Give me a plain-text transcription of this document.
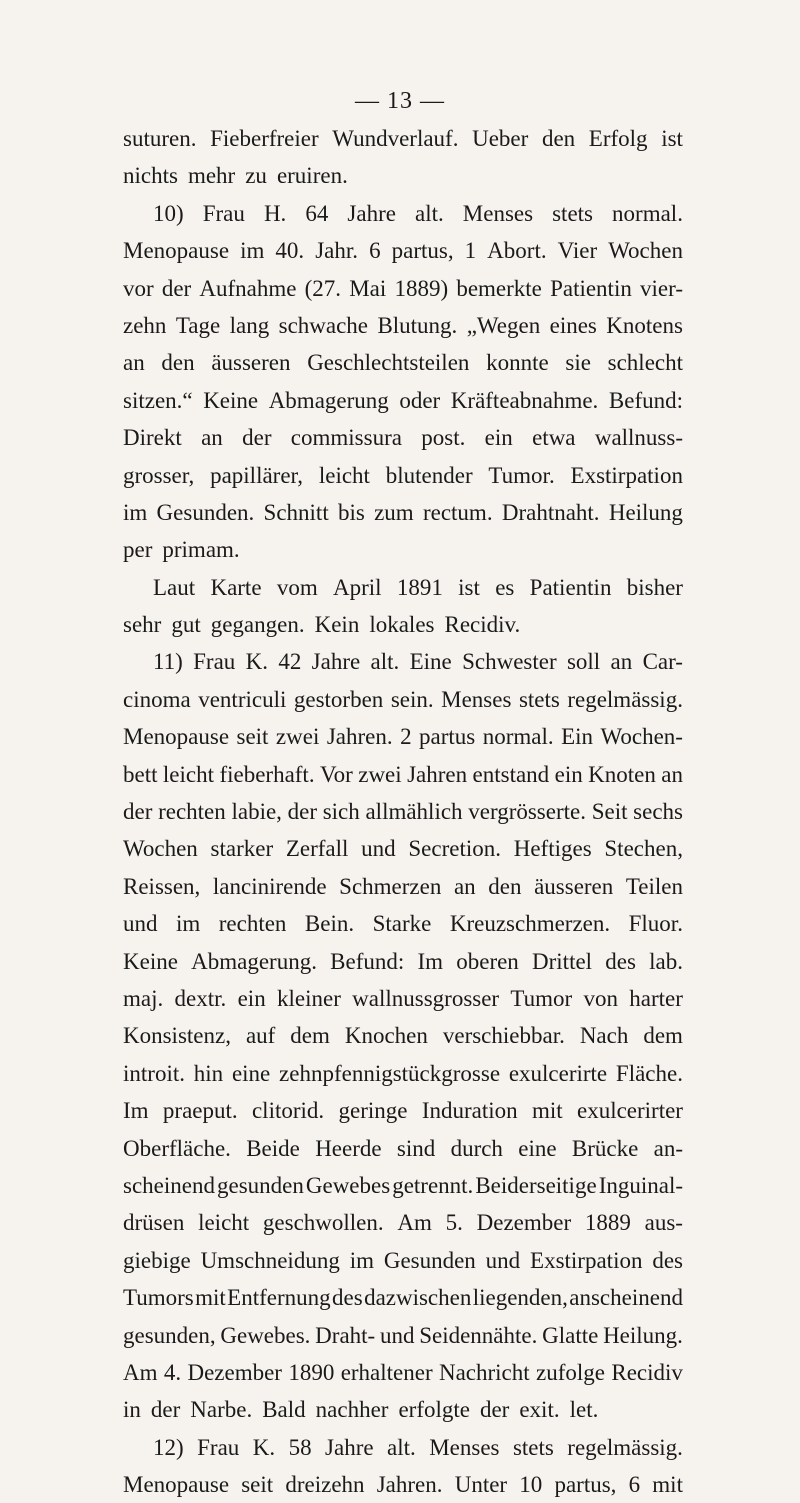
— 13 —
suturen. Fieberfreier Wundverlauf. Ueber den Erfolg ist
nichts mehr zu eruiren.
10) Frau H. 64 Jahre alt. Menses stets normal.
Menopause im 40. Jahr. 6 partus, 1 Abort. Vier Wochen
vor der Aufnahme (27. Mai 1889) bemerkte Patientin vier-
zehn Tage lang schwache Blutung. „Wegen eines Knotens
an den äusseren Geschlechtsteilen konnte sie schlecht
sitzen.“ Keine Abmagerung oder Kräfteabnahme. Befund:
Direkt an der commissura post. ein etwa wallnuss-
grosser, papillärer, leicht blutender Tumor. Exstirpation
im Gesunden. Schnitt bis zum rectum. Drahtnaht. Heilung
per primam.
Laut Karte vom April 1891 ist es Patientin bisher
sehr gut gegangen. Kein lokales Recidiv.
11) Frau K. 42 Jahre alt. Eine Schwester soll an Car-
cinoma ventriculi gestorben sein. Menses stets regelmässig.
Menopause seit zwei Jahren. 2 partus normal. Ein Wochen-
bett leicht fieberhaft. Vor zwei Jahren entstand ein Knoten an
der rechten labie, der sich allmählich vergrösserte. Seit sechs
Wochen starker Zerfall und Secretion. Heftiges Stechen,
Reissen, lancinirende Schmerzen an den äusseren Teilen
und im rechten Bein. Starke Kreuzschmerzen. Fluor.
Keine Abmagerung. Befund: Im oberen Drittel des lab.
maj. dextr. ein kleiner wallnussgrosser Tumor von harter
Konsistenz, auf dem Knochen verschiebbar. Nach dem
introit. hin eine zehnpfennigstückgrosse exulcerirte Fläche.
Im praeput. clitorid. geringe Induration mit exulcerirter
Oberfläche. Beide Heerde sind durch eine Brücke an-
scheinend gesunden Gewebes getrennt. Beiderseitige Inguinal-
drüsen leicht geschwollen. Am 5. Dezember 1889 aus-
giebige Umschneidung im Gesunden und Exstirpation des
Tumors mit Entfernung des dazwischen liegenden, anscheinend
gesunden, Gewebes. Draht- und Seidennähte. Glatte Heilung.
Am 4. Dezember 1890 erhaltener Nachricht zufolge Recidiv
in der Narbe. Bald nachher erfolgte der exit. let.
12) Frau K. 58 Jahre alt. Menses stets regelmässig.
Menopause seit dreizehn Jahren. Unter 10 partus, 6 mit
